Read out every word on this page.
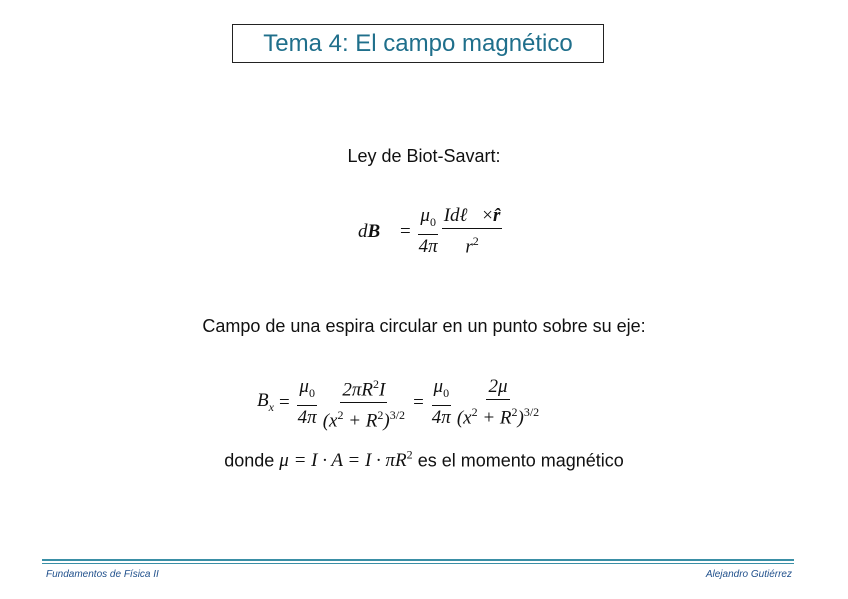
Tema 4: El campo magnético
Ley de Biot-Savart:
dB⃗ = $\frac{\mu_0}{4\pi} \frac{\text{Idℓ⃗×r̂}}{r^2}$
Campo de una espira circular en un punto sobre su eje:
$B_x = \frac{\mu_0}{4\pi} \frac{2\pi R^2I}{(x^2 + R^2)^{3/2}} = \frac{\mu_0}{4\pi} \frac{2\mu}{(x^2 + R^2)^{3/2}}$
donde $\mu = I \cdot A = I \cdot \pi R^2$ es el momento magnético
Fundamentos de Física II	Alejandro Gutiérrez
